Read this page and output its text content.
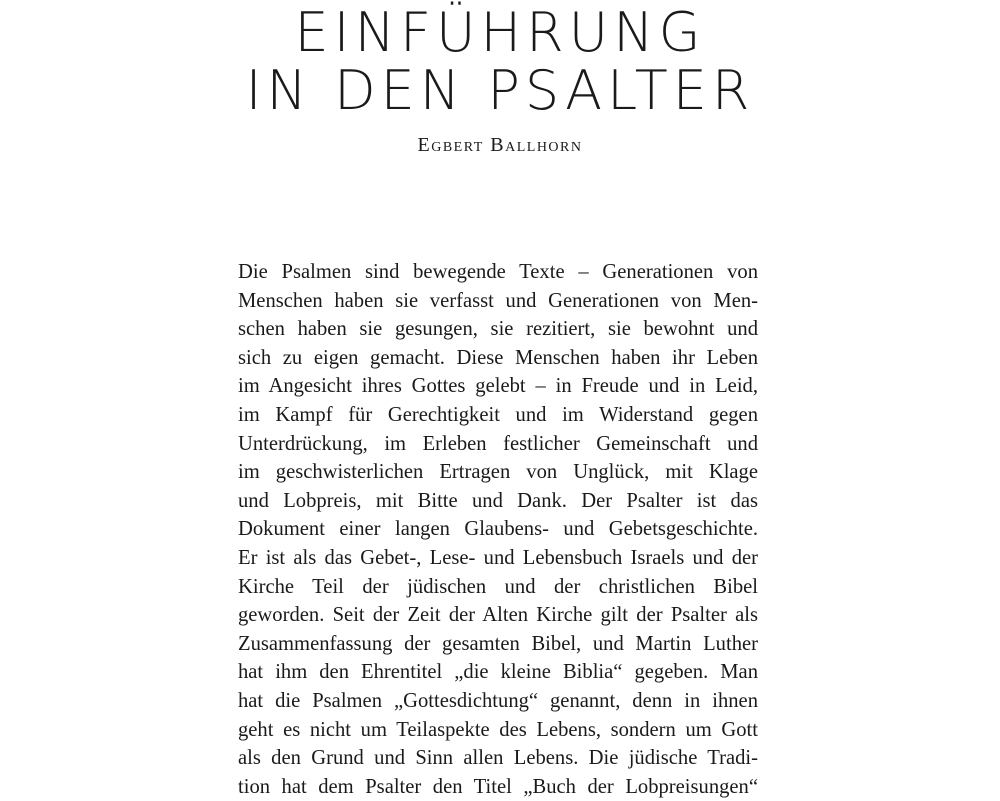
EINFÜHRUNG
IN DEN PSALTER
Egbert Ballhorn
Die Psalmen sind bewegende Texte – Generationen von
Menschen haben sie verfasst und Generationen von Men-
schen haben sie gesungen, sie rezitiert, sie bewohnt und
sich zu eigen gemacht. Diese Menschen haben ihr Leben
im Angesicht ihres Gottes gelebt – in Freude und in Leid,
im Kampf für Gerechtigkeit und im Widerstand gegen
Unterdrückung, im Erleben festlicher Gemeinschaft und
im geschwisterlichen Ertragen von Unglück, mit Klage
und Lobpreis, mit Bitte und Dank. Der Psalter ist das
Dokument einer langen Glaubens- und Gebetsgeschichte.
Er ist als das Gebet-, Lese- und Lebensbuch Israels und der
Kirche Teil der jüdischen und der christlichen Bibel
geworden. Seit der Zeit der Alten Kirche gilt der Psalter als
Zusammenfassung der gesamten Bibel, und Martin Luther
hat ihm den Ehrentitel „die kleine Biblia“ gegeben. Man
hat die Psalmen „Gottesdichtung“ genannt, denn in ihnen
geht es nicht um Teilaspekte des Lebens, sondern um Gott
als den Grund und Sinn allen Lebens. Die jüdische Tradi-
tion hat dem Psalter den Titel „Buch der Lobpreisungen“
